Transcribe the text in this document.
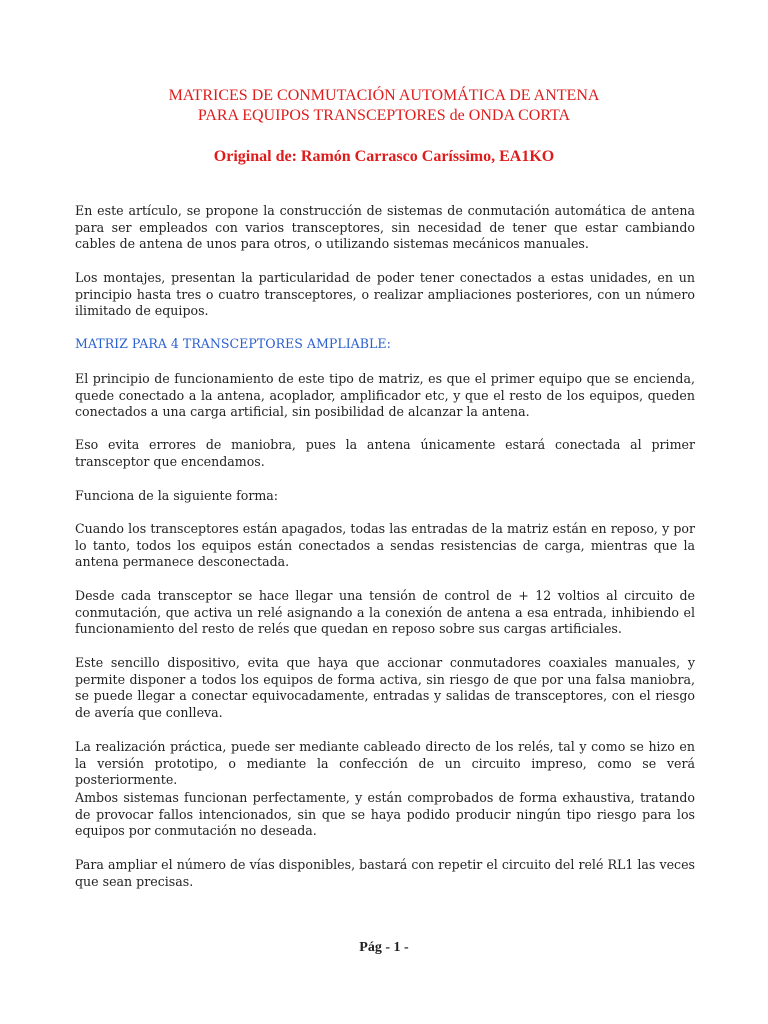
MATRICES DE CONMUTACIÓN AUTOMÁTICA DE ANTENA
PARA EQUIPOS TRANSCEPTORES de ONDA CORTA
Original de: Ramón Carrasco Caríssimo, EA1KO

En este artículo, se propone la construcción de sistemas de conmutación automática de antena para ser empleados con varios transceptores, sin necesidad de tener que estar cambiando cables de antena de unos para otros, o utilizando sistemas mecánicos manuales.

Los montajes, presentan la particularidad de poder tener conectados a estas unidades, en un principio hasta tres o cuatro transceptores, o realizar ampliaciones posteriores, con un número ilimitado de equipos.

MATRIZ PARA 4 TRANSCEPTORES AMPLIABLE:

El principio de funcionamiento de este tipo de matriz, es que el primer equipo que se encienda, quede conectado a la antena, acoplador, amplificador etc, y que el resto de los equipos, queden conectados a una carga artificial, sin posibilidad de alcanzar la antena.

Eso evita errores de maniobra, pues la antena únicamente estará conectada al primer transceptor que encendamos.

Funciona de la siguiente forma:

Cuando los transceptores están apagados, todas las entradas de la matriz están en reposo, y por lo tanto, todos los equipos están conectados a sendas resistencias de carga, mientras que la antena permanece desconectada.

Desde cada transceptor se hace llegar una tensión de control de + 12 voltios al circuito de conmutación, que activa un relé asignando a la conexión de antena a esa entrada, inhibiendo el funcionamiento del resto de relés que quedan en reposo sobre sus cargas artificiales.

Este sencillo dispositivo, evita que haya que accionar conmutadores coaxiales manuales, y permite disponer a todos los equipos de forma activa, sin riesgo de que por una falsa maniobra, se puede llegar a conectar equivocadamente, entradas y salidas de transceptores, con el riesgo de avería que conlleva.

La realización práctica, puede ser mediante cableado directo de los relés, tal y como se hizo en la versión prototipo, o mediante la confección de un circuito impreso, como se verá posteriormente.

Ambos sistemas funcionan perfectamente, y están comprobados de forma exhaustiva, tratando de provocar fallos intencionados, sin que se haya podido producir ningún tipo riesgo para los equipos por conmutación no deseada.

Para ampliar el número de vías disponibles, bastará con repetir el circuito del relé RL1 las veces que sean precisas.

Pág - 1 -
